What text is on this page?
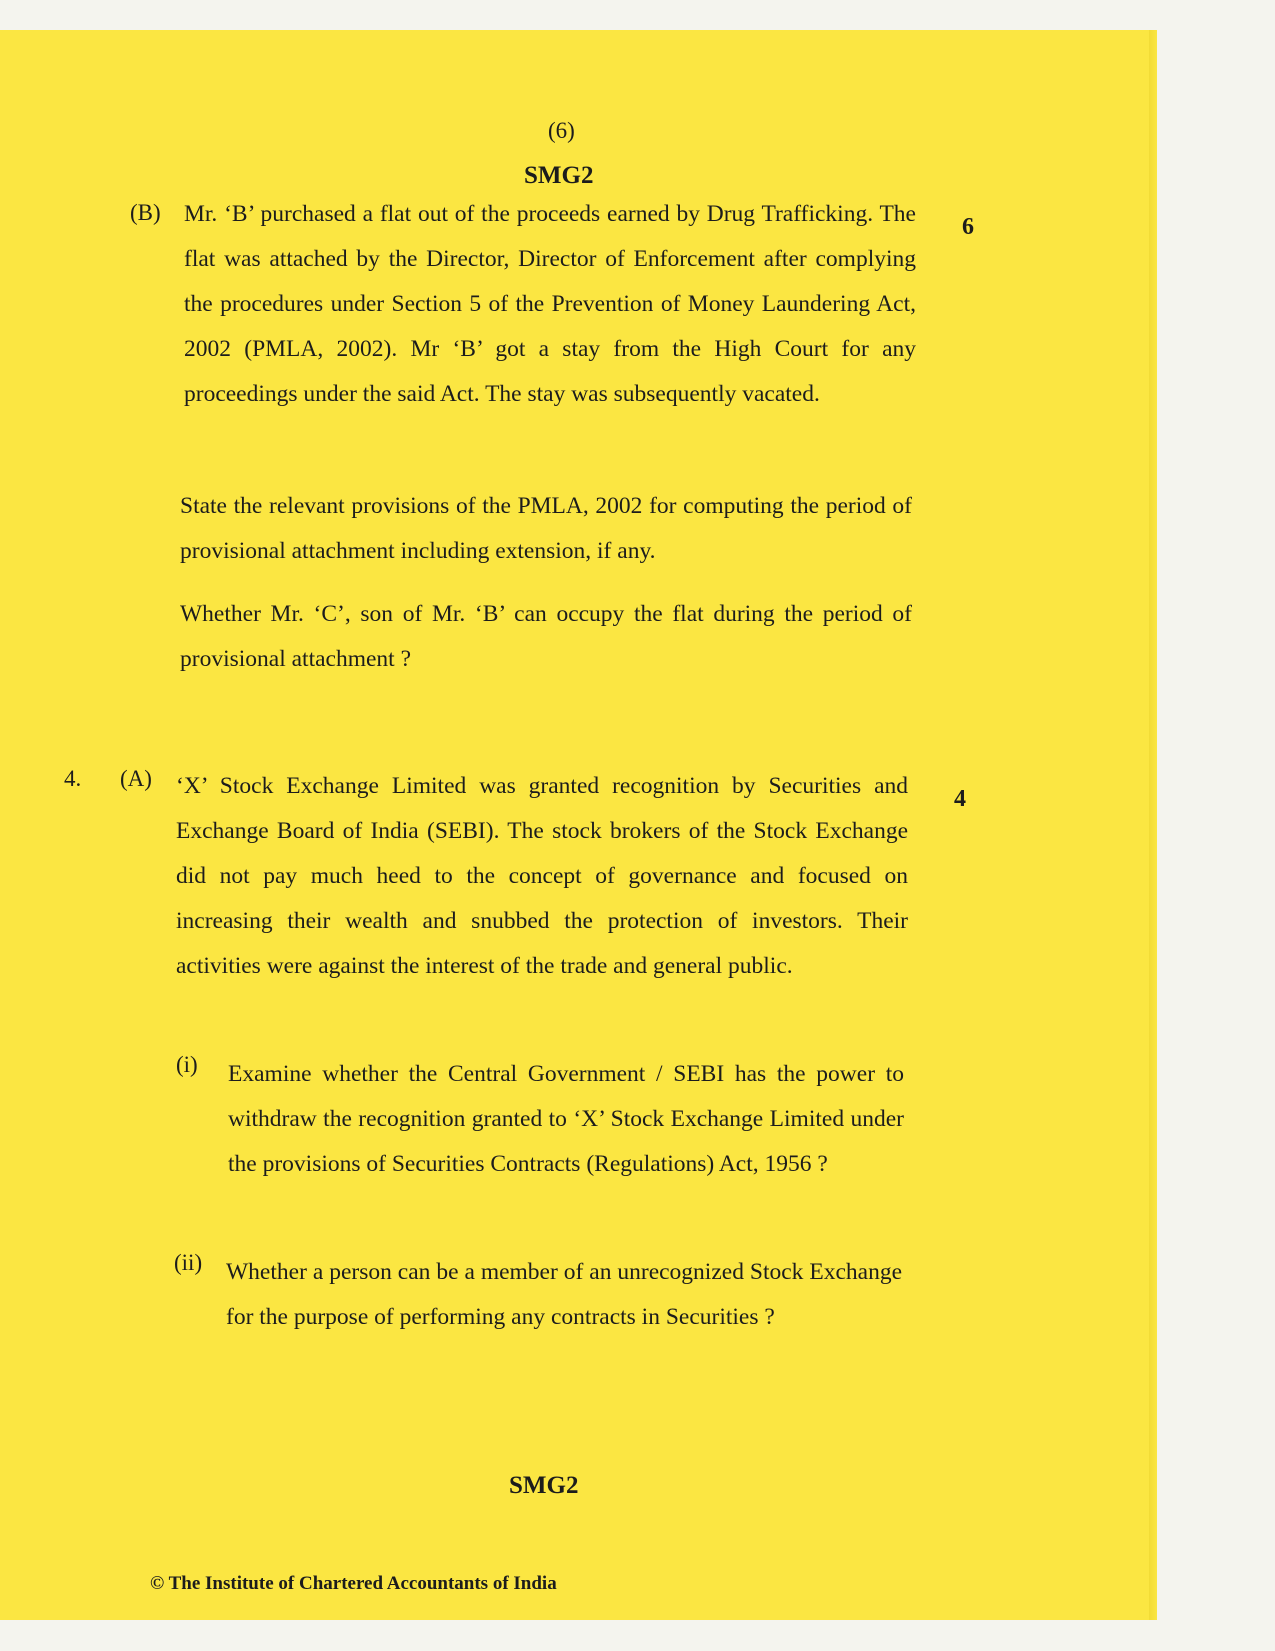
(6)
SMG2
(B)
6

Mr. ‘B’ purchased a flat out of the proceeds earned by Drug Trafficking. The flat was attached by the Director, Director of Enforcement after complying the procedures under Section 5 of the Prevention of Money Laundering Act, 2002 (PMLA, 2002). Mr ‘B’ got a stay from the High Court for any proceedings under the said Act. The stay was subsequently vacated.

State the relevant provisions of the PMLA, 2002 for computing the period of provisional attachment including extension, if any.

Whether Mr. ‘C’, son of Mr. ‘B’ can occupy the flat during the period of provisional attachment ?

4. (A)
4

‘X’ Stock Exchange Limited was granted recognition by Securities and Exchange Board of India (SEBI). The stock brokers of the Stock Exchange did not pay much heed to the concept of governance and focused on increasing their wealth and snubbed the protection of investors. Their activities were against the interest of the trade and general public.

(i) Examine whether the Central Government / SEBI has the power to withdraw the recognition granted to ‘X’ Stock Exchange Limited under the provisions of Securities Contracts (Regulations) Act, 1956 ?

(ii) Whether a person can be a member of an unrecognized Stock Exchange for the purpose of performing any contracts in Securities ?

SMG2
© The Institute of Chartered Accountants of India
